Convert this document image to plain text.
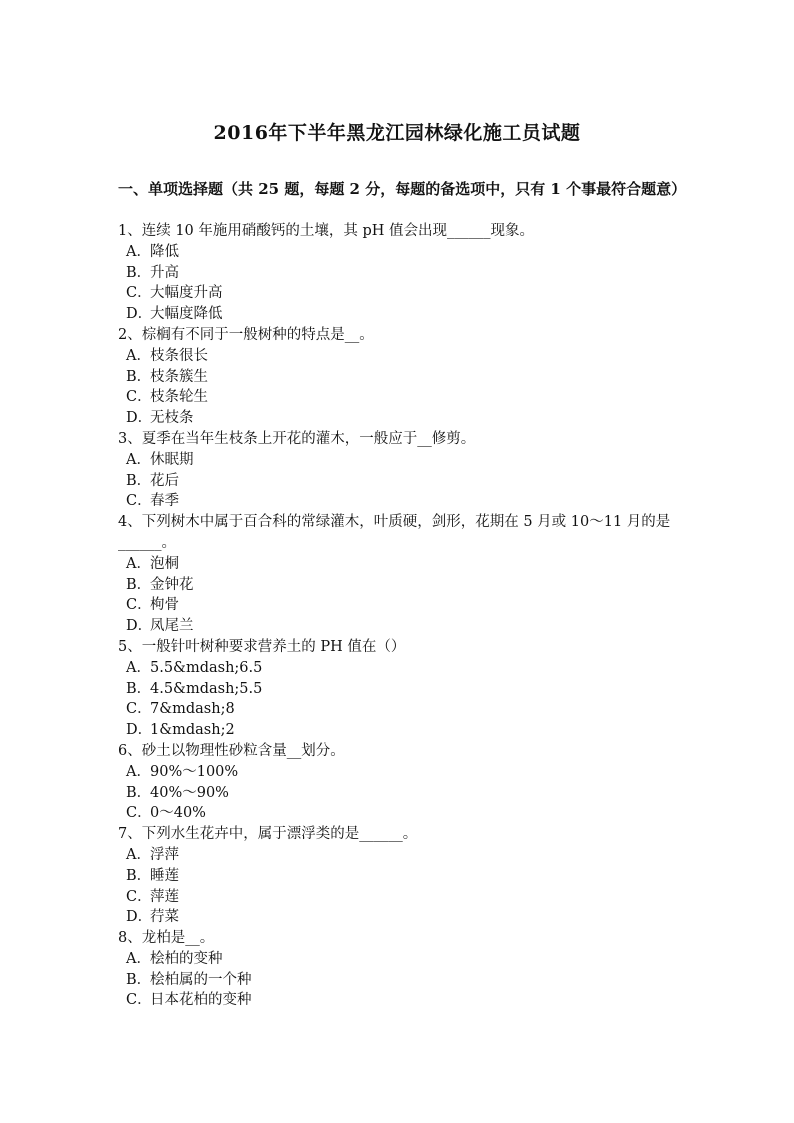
2016年下半年黑龙江园林绿化施工员试题
一、单项选择题（共 25 题，每题 2 分，每题的备选项中，只有 1 个事最符合题意）
1、连续 10 年施用硝酸钙的土壤，其 pH 值会出现______现象。
A．降低
B．升高
C．大幅度升高
D．大幅度降低
2、棕榈有不同于一般树种的特点是__。
A．枝条很长
B．枝条簇生
C．枝条轮生
D．无枝条
3、夏季在当年生枝条上开花的灌木，一般应于__修剪。
A．休眠期
B．花后
C．春季
4、下列树木中属于百合科的常绿灌木，叶质硬，剑形，花期在 5 月或 10～11 月的是______。
A．泡桐
B．金钟花
C．枸骨
D．凤尾兰
5、一般针叶树种要求营养土的 PH 值在（）
A．5.5&mdash;6.5
B．4.5&mdash;5.5
C．7&mdash;8
D．1&mdash;2
6、砂土以物理性砂粒含量__划分。
A．90%～100%
B．40%～90%
C．0～40%
7、下列水生花卉中，属于漂浮类的是______。
A．浮萍
B．睡莲
C．萍莲
D．荇菜
8、龙柏是__。
A．桧柏的变种
B．桧柏属的一个种
C．日本花柏的变种
